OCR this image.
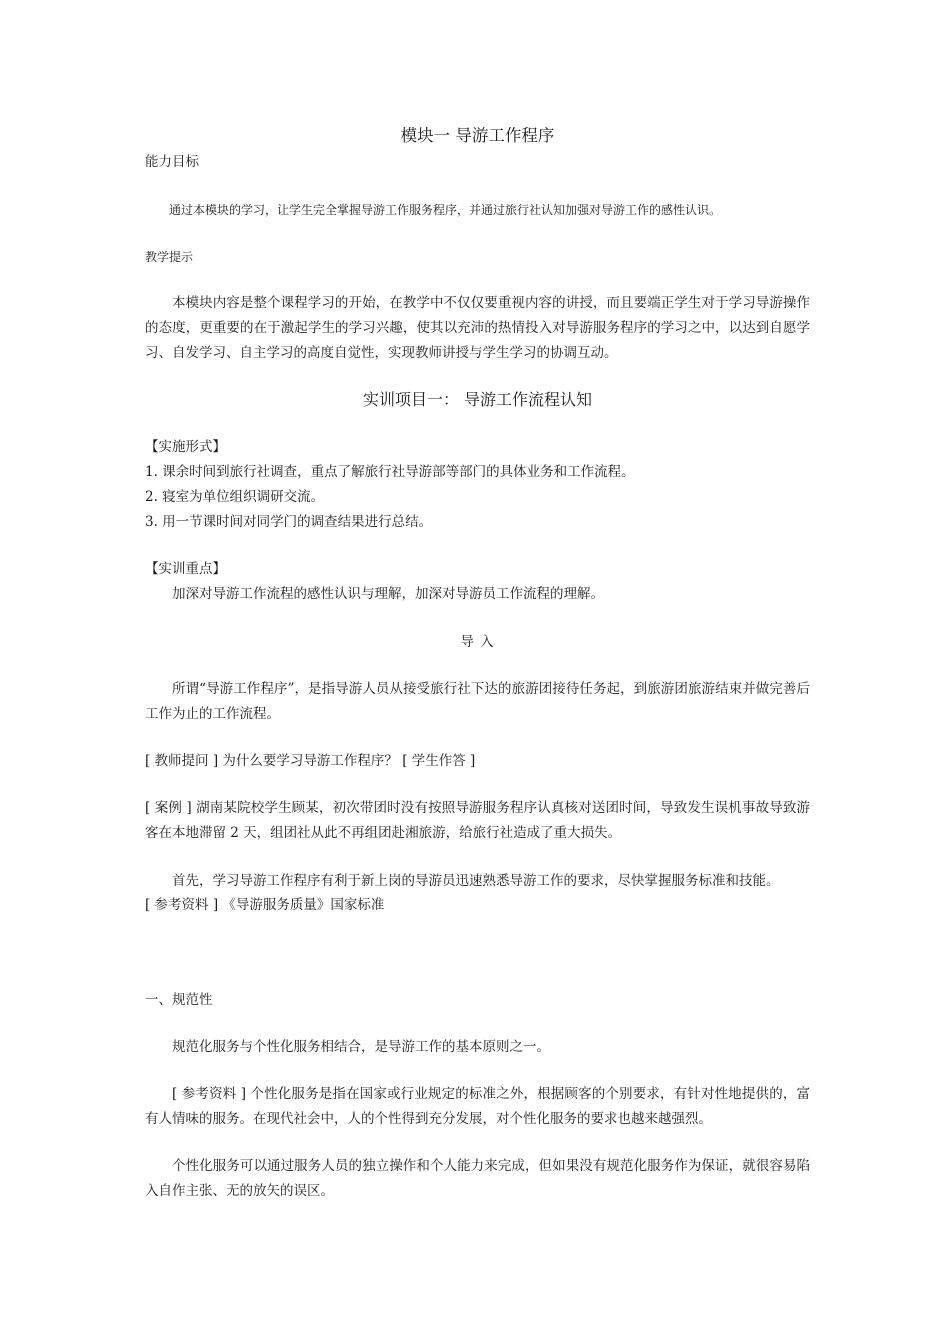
模块一 导游工作程序
能力目标
通过本模块的学习，让学生完全掌握导游工作服务程序，并通过旅行社认知加强对导游工作的感性认识。
教学提示
本模块内容是整个课程学习的开始，在教学中不仅仅要重视内容的讲授，而且要端正学生对于学习导游操作的态度，更重要的在于激起学生的学习兴趣，使其以充沛的热情投入对导游服务程序的学习之中，以达到自愿学习、自发学习、自主学习的高度自觉性，实现教师讲授与学生学习的协调互动。
实训项目一： 导游工作流程认知
【实施形式】
1. 课余时间到旅行社调查，重点了解旅行社导游部等部门的具体业务和工作流程。
2. 寝室为单位组织调研交流。
3. 用一节课时间对同学门的调查结果进行总结。
【实训重点】
加深对导游工作流程的感性认识与理解，加深对导游员工作流程的理解。
导 入
所谓“导游工作程序”，是指导游人员从接受旅行社下达的旅游团接待任务起，到旅游团旅游结束并做完善后工作为止的工作流程。
[ 教师提问 ] 为什么要学习导游工作程序？ [ 学生作答 ]
[ 案例 ] 湖南某院校学生顾某，初次带团时没有按照导游服务程序认真核对送团时间，导致发生误机事故导致游客在本地滞留 2 天，组团社从此不再组团赴湘旅游，给旅行社造成了重大损失。
首先，学习导游工作程序有利于新上岗的导游员迅速熟悉导游工作的要求，尽快掌握服务标准和技能。
[ 参考资料 ] 《导游服务质量》国家标准
一、规范性
规范化服务与个性化服务相结合，是导游工作的基本原则之一。
[ 参考资料 ] 个性化服务是指在国家或行业规定的标准之外，根据顾客的个别要求，有针对性地提供的，富有人情味的服务。在现代社会中，人的个性得到充分发展，对个性化服务的要求也越来越强烈。
个性化服务可以通过服务人员的独立操作和个人能力来完成，但如果没有规范化服务作为保证，就很容易陷入自作主张、无的放矢的误区。
